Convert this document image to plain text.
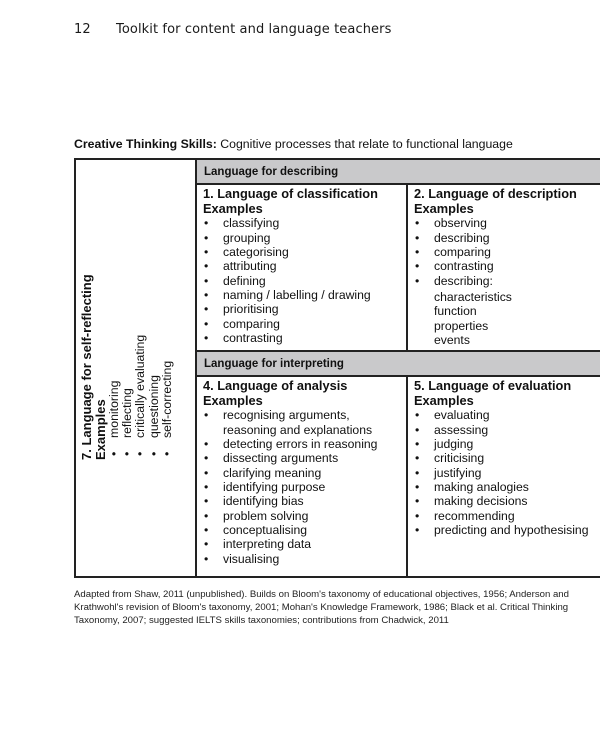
12 Toolkit for content and language teachers
Creative Thinking Skills: Cognitive processes that relate to functional language
7. Language for self-reflecting Examples • monitoring • reflecting • critically evaluating • questioning • self-correcting
Language for describing
1. Language of classification
Examples
• classifying
• grouping
• categorising
• attributing
• defining
• naming / labelling / drawing
• prioritising
• comparing
• contrasting
2. Language of description
Examples
• observing
• describing
• comparing
• contrasting
• describing:
characteristics
function
properties
events
Language for interpreting
4. Language of analysis
Examples
• recognising arguments, reasoning and explanations
• detecting errors in reasoning
• dissecting arguments
• clarifying meaning
• identifying purpose
• identifying bias
• problem solving
• conceptualising
• interpreting data
• visualising
5. Language of evaluation
Examples
• evaluating
• assessing
• judging
• criticising
• justifying
• making analogies
• making decisions
• recommending
• predicting and hypothesising
Adapted from Shaw, 2011 (unpublished). Builds on Bloom's taxonomy of educational objectives, 1956; Anderson and Krathwohl's revision of Bloom's taxonomy, 2001; Mohan's Knowledge Framework, 1986; Black et al. Critical Thinking Taxonomy, 2007; suggested IELTS skills taxonomies; contributions from Chadwick, 2011
